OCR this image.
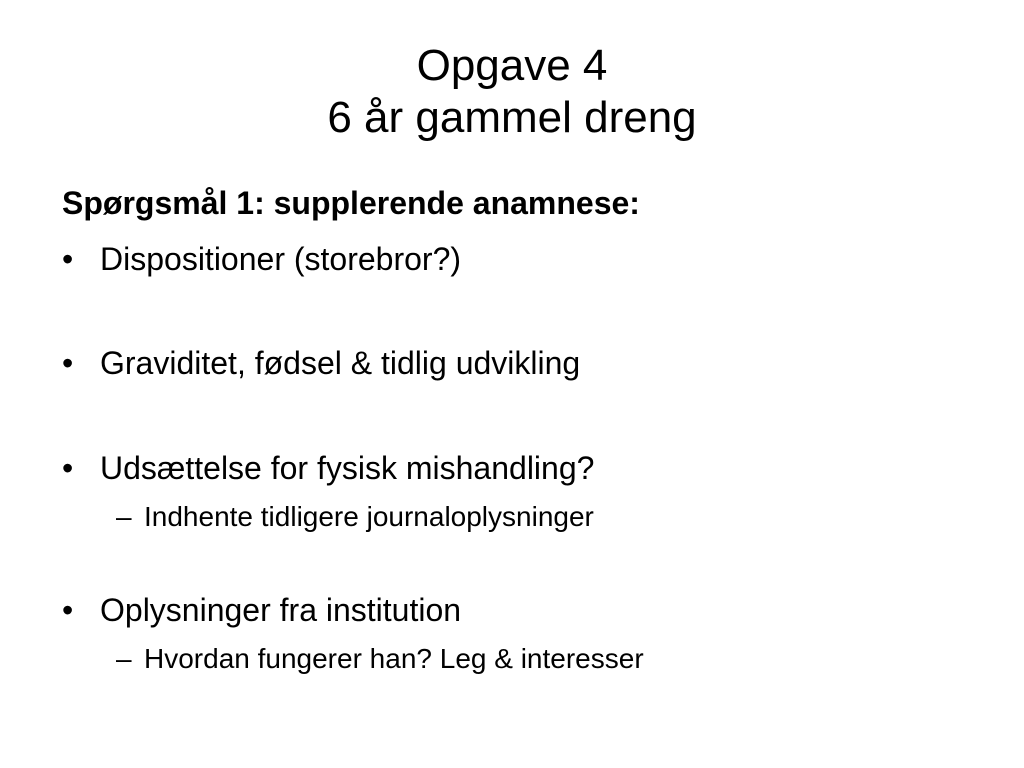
Opgave 4
6 år gammel dreng
Spørgsmål 1: supplerende anamnese:
• Dispositioner (storebror?)
• Graviditet, fødsel & tidlig udvikling
• Udsættelse for fysisk mishandling?
– Indhente tidligere journaloplysninger
• Oplysninger fra institution
– Hvordan fungerer han? Leg & interesser
